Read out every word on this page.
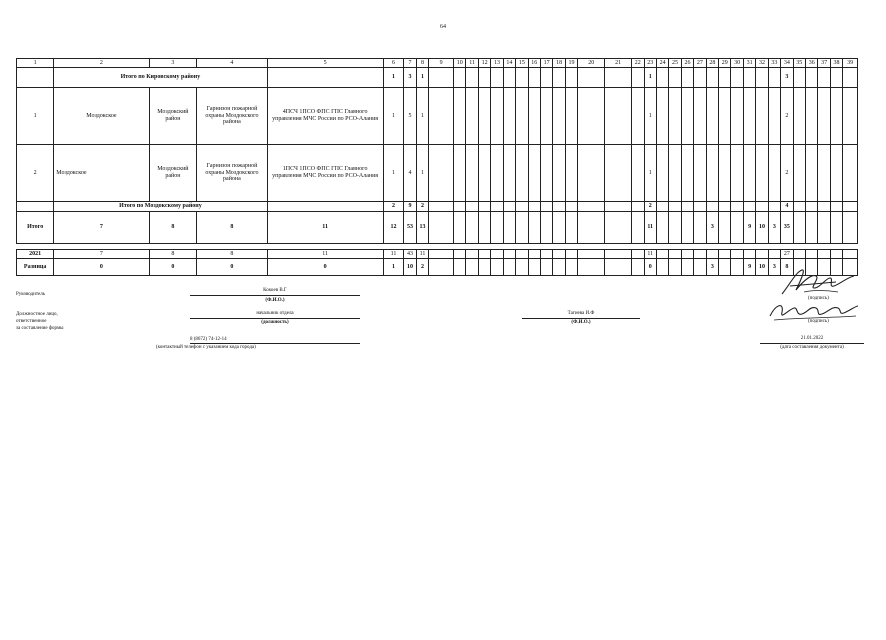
64
1	2	3	4	5	6	7	8	9	10	11	12	13	14	15	16	17	18	19	20	21	22	23	24	25	26	27	28	29	30	31	32	33	34	35	36	37	38	39
	Итого по Кировскому району				1	3	1															1											3					
1	Моздокское	Моздокский район	Гарнизон пожарной охраны Моздокского района	4ПСЧ 1ПСО ФПС ГПС Главного управления МЧС России по РСО-Алания	1	5	1															1											2					
2	Моздокское	Моздокский район	Гарнизон пожарной охраны Моздокского района	1ПСЧ 1ПСО ФПС ГПС Главного управления МЧС России по РСО-Алания	1	4	1															1											2					
	Итого по Моздокскому району				2	9	2															2											4					
Итого	7	8	8	11	12	53	13															11					3			9	10	3	35					

2021	7	8	8	11	11	43	11															11											27					
Разница	0	0	0	0	1	10	2															0					3			9	10	3	8					
Руководитель
Кокоев В.Г
(Ф.И.О.)
Должностное лицо,
ответственное
за составление формы
начальник отдела
(должность)
Тагиева И.Ф
(Ф.И.О.)
8 (8672) 74-12-14
(контактный телефон с указанием кода города)
(подпись)
(подпись)
21.01.2022
(дата составления документа)
